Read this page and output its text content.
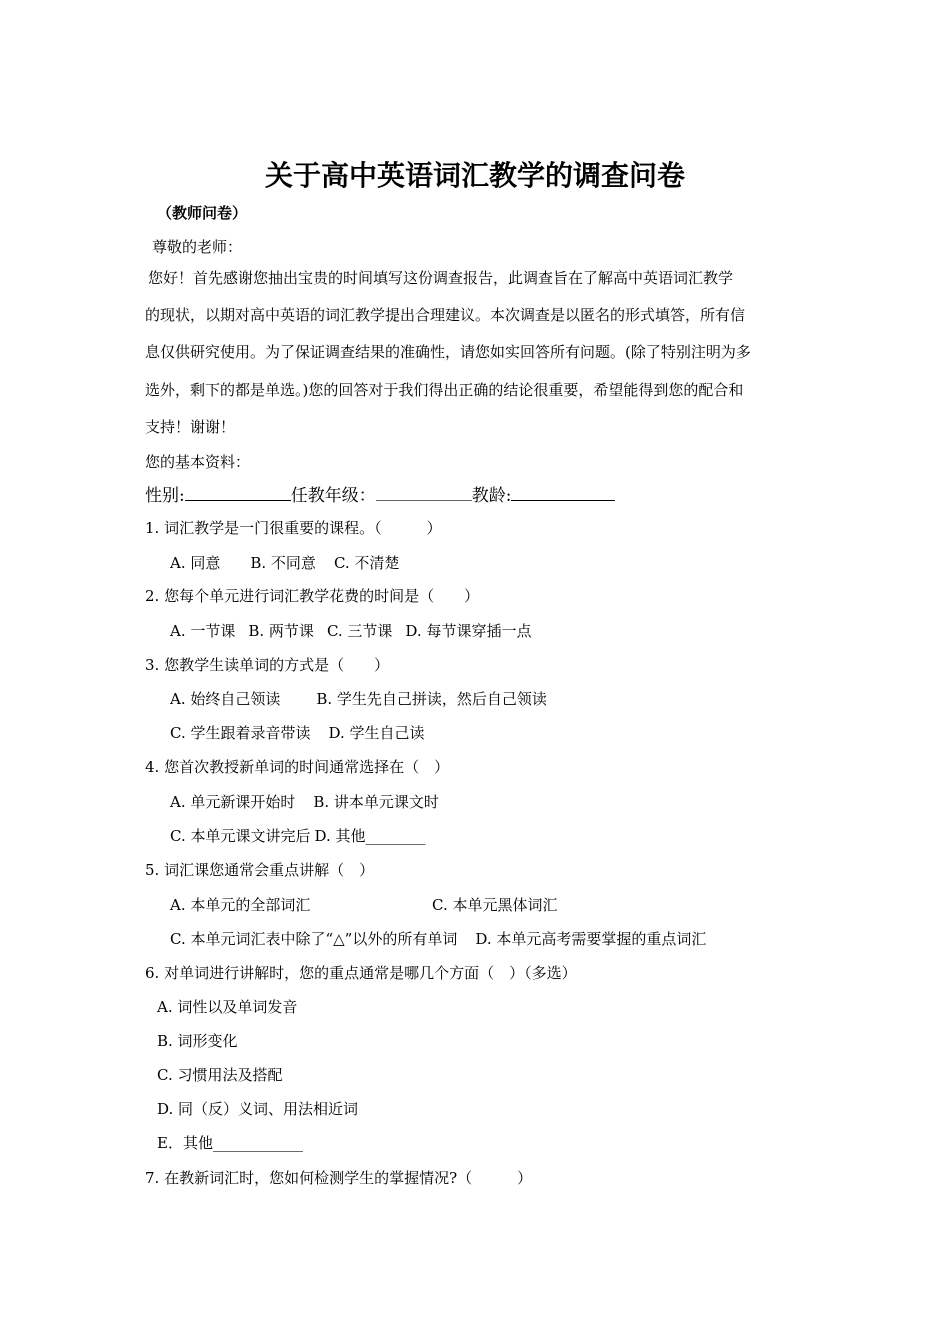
关于高中英语词汇教学的调查问卷
（教师问卷）
尊敬的老师：
您好！首先感谢您抽出宝贵的时间填写这份调查报告，此调查旨在了解高中英语词汇教学
的现状，以期对高中英语的词汇教学提出合理建议。本次调查是以匿名的形式填答，所有信
息仅供研究使用。为了保证调查结果的准确性，请您如实回答所有问题。(除了特别注明为多
选外，剩下的都是单选。)您的回答对于我们得出正确的结论很重要，希望能得到您的配合和
支持！谢谢！
您的基本资料：
性别:	任教年级：	教龄:
1. 词汇教学是一门很重要的课程。（　　　）
A. 同意 B. 不同意 C. 不清楚
2. 您每个单元进行词汇教学花费的时间是（　　）
A. 一节课 B. 两节课 C. 三节课 D. 每节课穿插一点
3. 您教学生读单词的方式是（　　）
A. 始终自己领读 B. 学生先自己拼读，然后自己领读
C. 学生跟着录音带读 D. 学生自己读
4. 您首次教授新单词的时间通常选择在（　）
A. 单元新课开始时 B. 讲本单元课文时
C. 本单元课文讲完后 D. 其他________
5. 词汇课您通常会重点讲解（　）
A. 本单元的全部词汇	C. 本单元黑体词汇
C. 本单元词汇表中除了“△”以外的所有单词 D. 本单元高考需要掌握的重点词汇
6. 对单词进行讲解时，您的重点通常是哪几个方面（　）（多选）
A. 词性以及单词发音
B. 词形变化
C. 习惯用法及搭配
D. 同（反）义词、用法相近词
E．其他____________
7. 在教新词汇时，您如何检测学生的掌握情况?（　　　）
